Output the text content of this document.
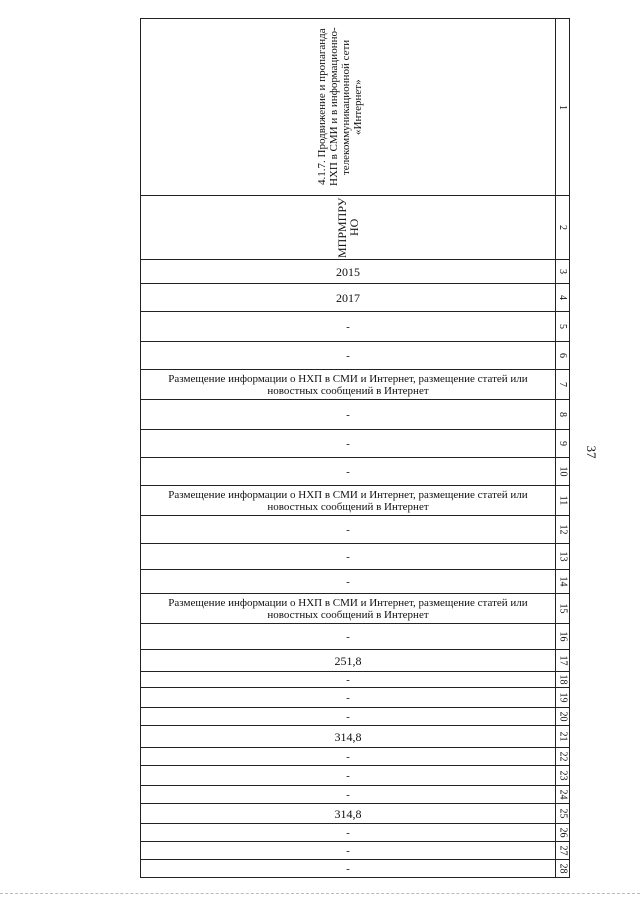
37
4.1.7. Продвижение и пропаганда НХП в СМИ и в информационно-телекоммуникационной сети «Интернет»	1
МПРМПРУ НО	2
2015	3
2017	4
-	5
-	6
Размещение информации о НХП в СМИ и Интернет, размещение статей или новостных сообщений в Интернет	7
-	8
-	9
-	10
Размещение информации о НХП в СМИ и Интернет, размещение статей или новостных сообщений в Интернет	11
-	12
-	13
-	14
Размещение информации о НХП в СМИ и Интернет, размещение статей или новостных сообщений в Интернет	15
-	16
251,8	17
-	18
-	19
-	20
314,8	21
-	22
-	23
-	24
314,8	25
-	26
-	27
-	28
